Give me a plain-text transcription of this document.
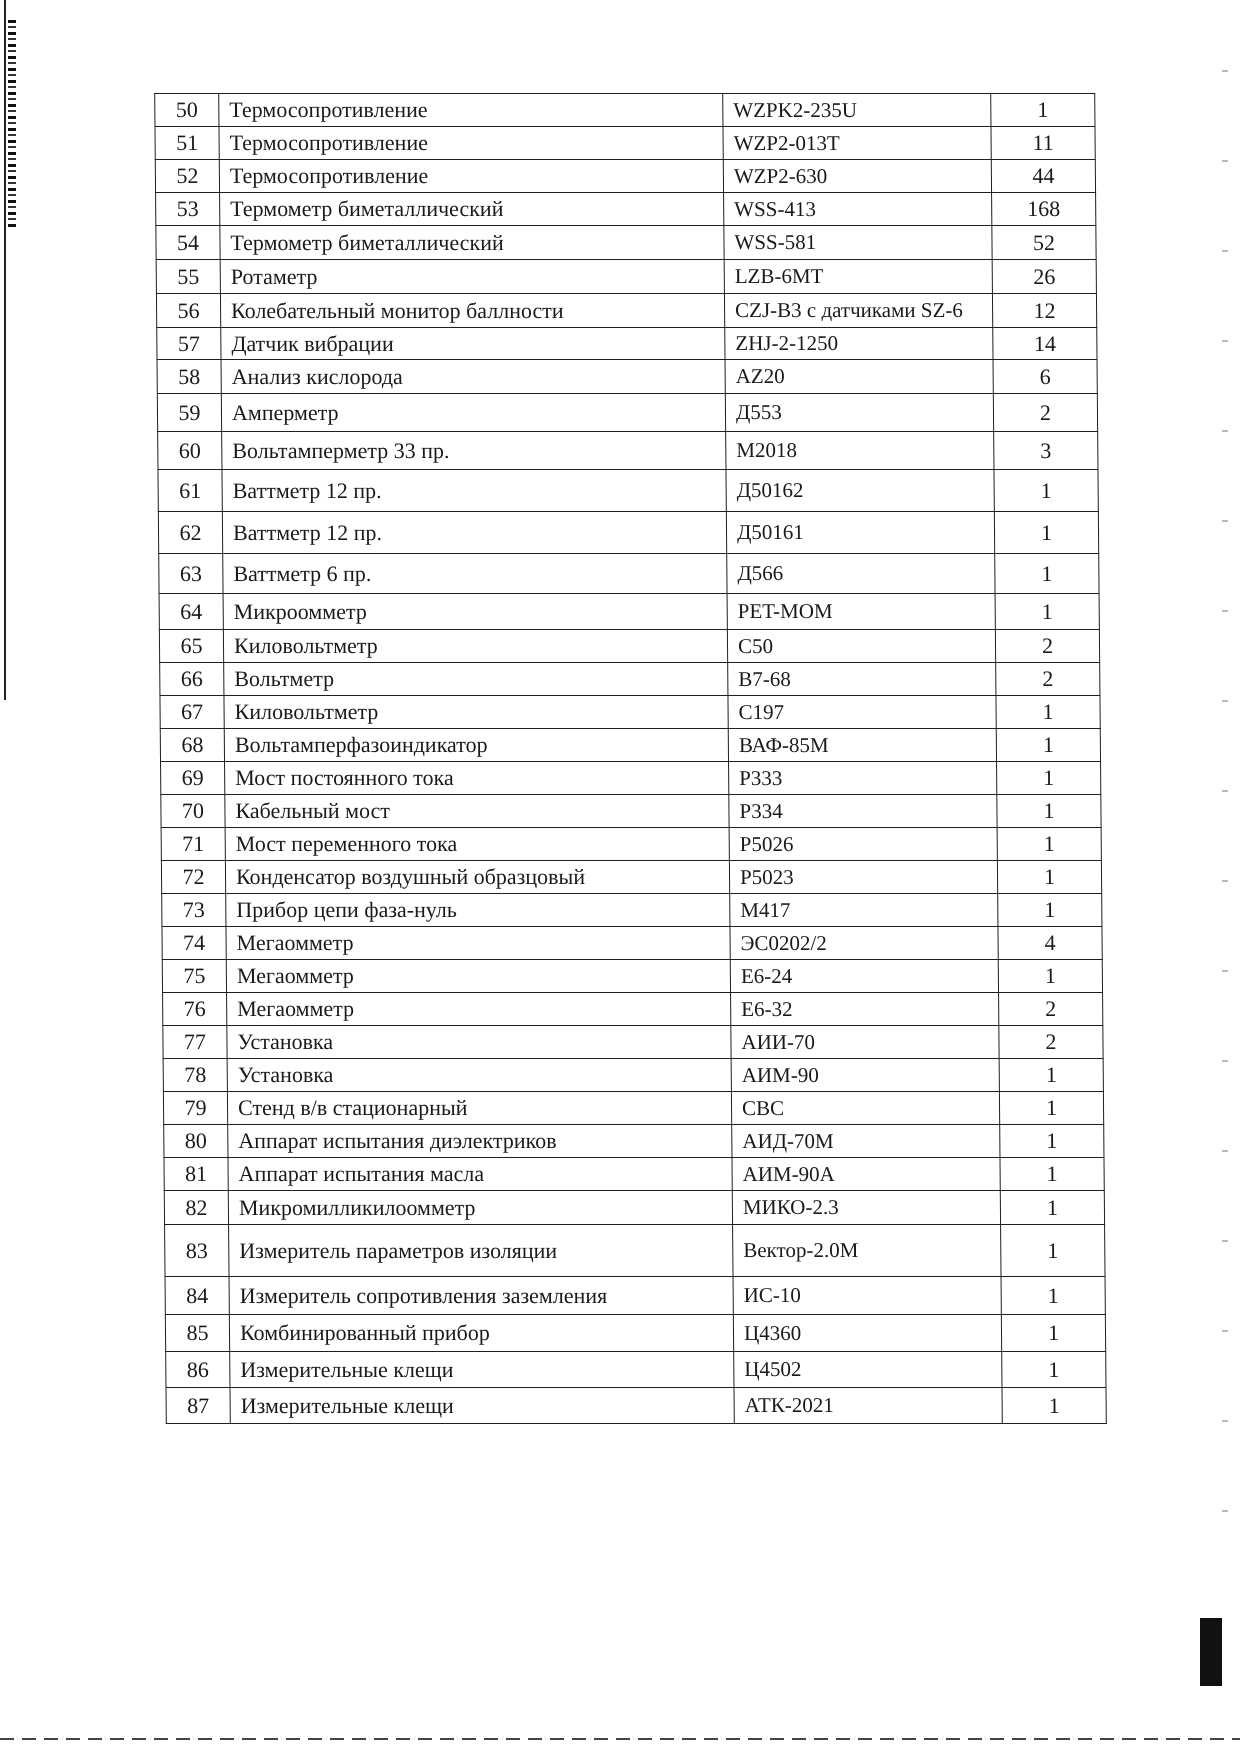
50	Термосопротивление	WZPK2-235U	1
51	Термосопротивление	WZP2-013T	11
52	Термосопротивление	WZP2-630	44
53	Термометр биметаллический	WSS-413	168
54	Термометр биметаллический	WSS-581	52
55	Ротаметр	LZB-6MT	26
56	Колебательный монитор баллности	CZJ-B3 с датчиками SZ-6	12
57	Датчик вибрации	ZHJ-2-1250	14
58	Анализ кислорода	AZ20	6
59	Амперметр	Д553	2
60	Вольтамперметр 33 пр.	М2018	3
61	Ваттметр 12 пр.	Д50162	1
62	Ваттметр 12 пр.	Д50161	1
63	Ваттметр 6 пр.	Д566	1
64	Микроомметр	PET-MOM	1
65	Киловольтметр	С50	2
66	Вольтметр	В7-68	2
67	Киловольтметр	С197	1
68	Вольтамперфазоиндикатор	ВАФ-85М	1
69	Мост постоянного тока	Р333	1
70	Кабельный мост	Р334	1
71	Мост переменного тока	Р5026	1
72	Конденсатор воздушный образцовый	Р5023	1
73	Прибор цепи фаза-нуль	М417	1
74	Мегаомметр	ЭС0202/2	4
75	Мегаомметр	Е6-24	1
76	Мегаомметр	Е6-32	2
77	Установка	АИИ-70	2
78	Установка	АИМ-90	1
79	Стенд в/в стационарный	СВС	1
80	Аппарат испытания диэлектриков	АИД-70М	1
81	Аппарат испытания масла	АИМ-90А	1
82	Микромилликилоомметр	МИКО-2.3	1
83	Измеритель параметров изоляции	Вектор-2.0М	1
84	Измеритель сопротивления заземления	ИС-10	1
85	Комбинированный прибор	Ц4360	1
86	Измерительные клещи	Ц4502	1
87	Измерительные клещи	АТК-2021	1
